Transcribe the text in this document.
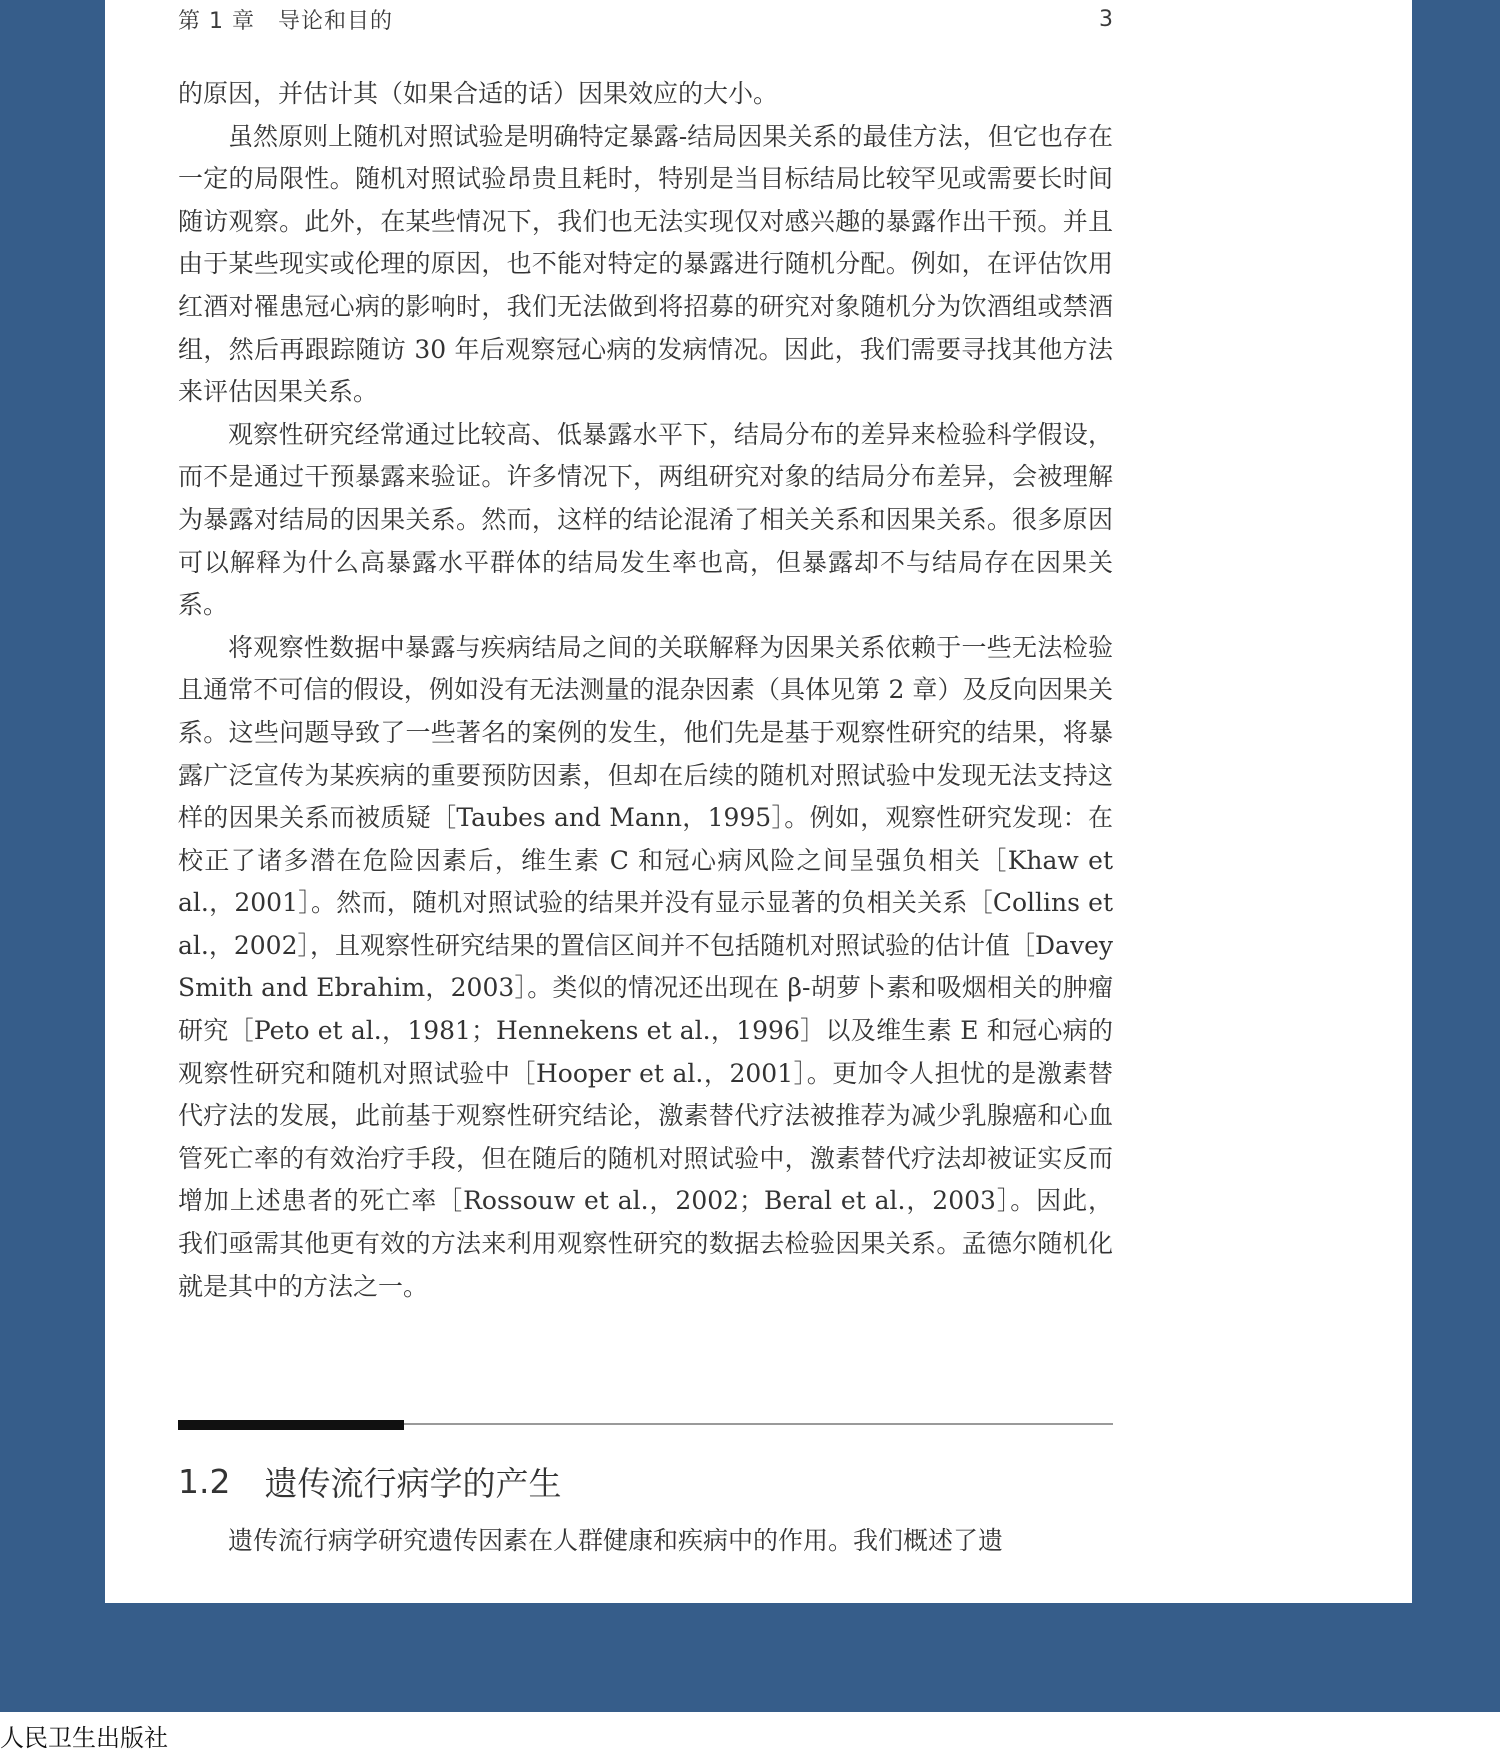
第 1 章　导论和目的	3

的原因，并估计其（如果合适的话）因果效应的大小。

虽然原则上随机对照试验是明确特定暴露-结局因果关系的最佳方法，但它也存在一定的局限性。随机对照试验昂贵且耗时，特别是当目标结局比较罕见或需要长时间随访观察。此外，在某些情况下，我们也无法实现仅对感兴趣的暴露作出干预。并且由于某些现实或伦理的原因，也不能对特定的暴露进行随机分配。例如，在评估饮用红酒对罹患冠心病的影响时，我们无法做到将招募的研究对象随机分为饮酒组或禁酒组，然后再跟踪随访 30 年后观察冠心病的发病情况。因此，我们需要寻找其他方法来评估因果关系。

观察性研究经常通过比较高、低暴露水平下，结局分布的差异来检验科学假设，而不是通过干预暴露来验证。许多情况下，两组研究对象的结局分布差异，会被理解为暴露对结局的因果关系。然而，这样的结论混淆了相关关系和因果关系。很多原因可以解释为什么高暴露水平群体的结局发生率也高，但暴露却不与结局存在因果关系。

将观察性数据中暴露与疾病结局之间的关联解释为因果关系依赖于一些无法检验且通常不可信的假设，例如没有无法测量的混杂因素（具体见第 2 章）及反向因果关系。这些问题导致了一些著名的案例的发生，他们先是基于观察性研究的结果，将暴露广泛宣传为某疾病的重要预防因素，但却在后续的随机对照试验中发现无法支持这样的因果关系而被质疑［Taubes and Mann，1995］。例如，观察性研究发现：在校正了诸多潜在危险因素后，维生素 C 和冠心病风险之间呈强负相关［Khaw et al.，2001］。然而，随机对照试验的结果并没有显示显著的负相关关系［Collins et al.，2002］，且观察性研究结果的置信区间并不包括随机对照试验的估计值［Davey Smith and Ebrahim，2003］。类似的情况还出现在 β-胡萝卜素和吸烟相关的肿瘤研究［Peto et al.，1981；Hennekens et al.，1996］以及维生素 E 和冠心病的观察性研究和随机对照试验中［Hooper et al.，2001］。更加令人担忧的是激素替代疗法的发展，此前基于观察性研究结论，激素替代疗法被推荐为减少乳腺癌和心血管死亡率的有效治疗手段，但在随后的随机对照试验中，激素替代疗法却被证实反而增加上述患者的死亡率［Rossouw et al.，2002；Beral et al.，2003］。因此，我们亟需其他更有效的方法来利用观察性研究的数据去检验因果关系。孟德尔随机化就是其中的方法之一。

1.2 遗传流行病学的产生

遗传流行病学研究遗传因素在人群健康和疾病中的作用。我们概述了遗

人民卫生出版社
